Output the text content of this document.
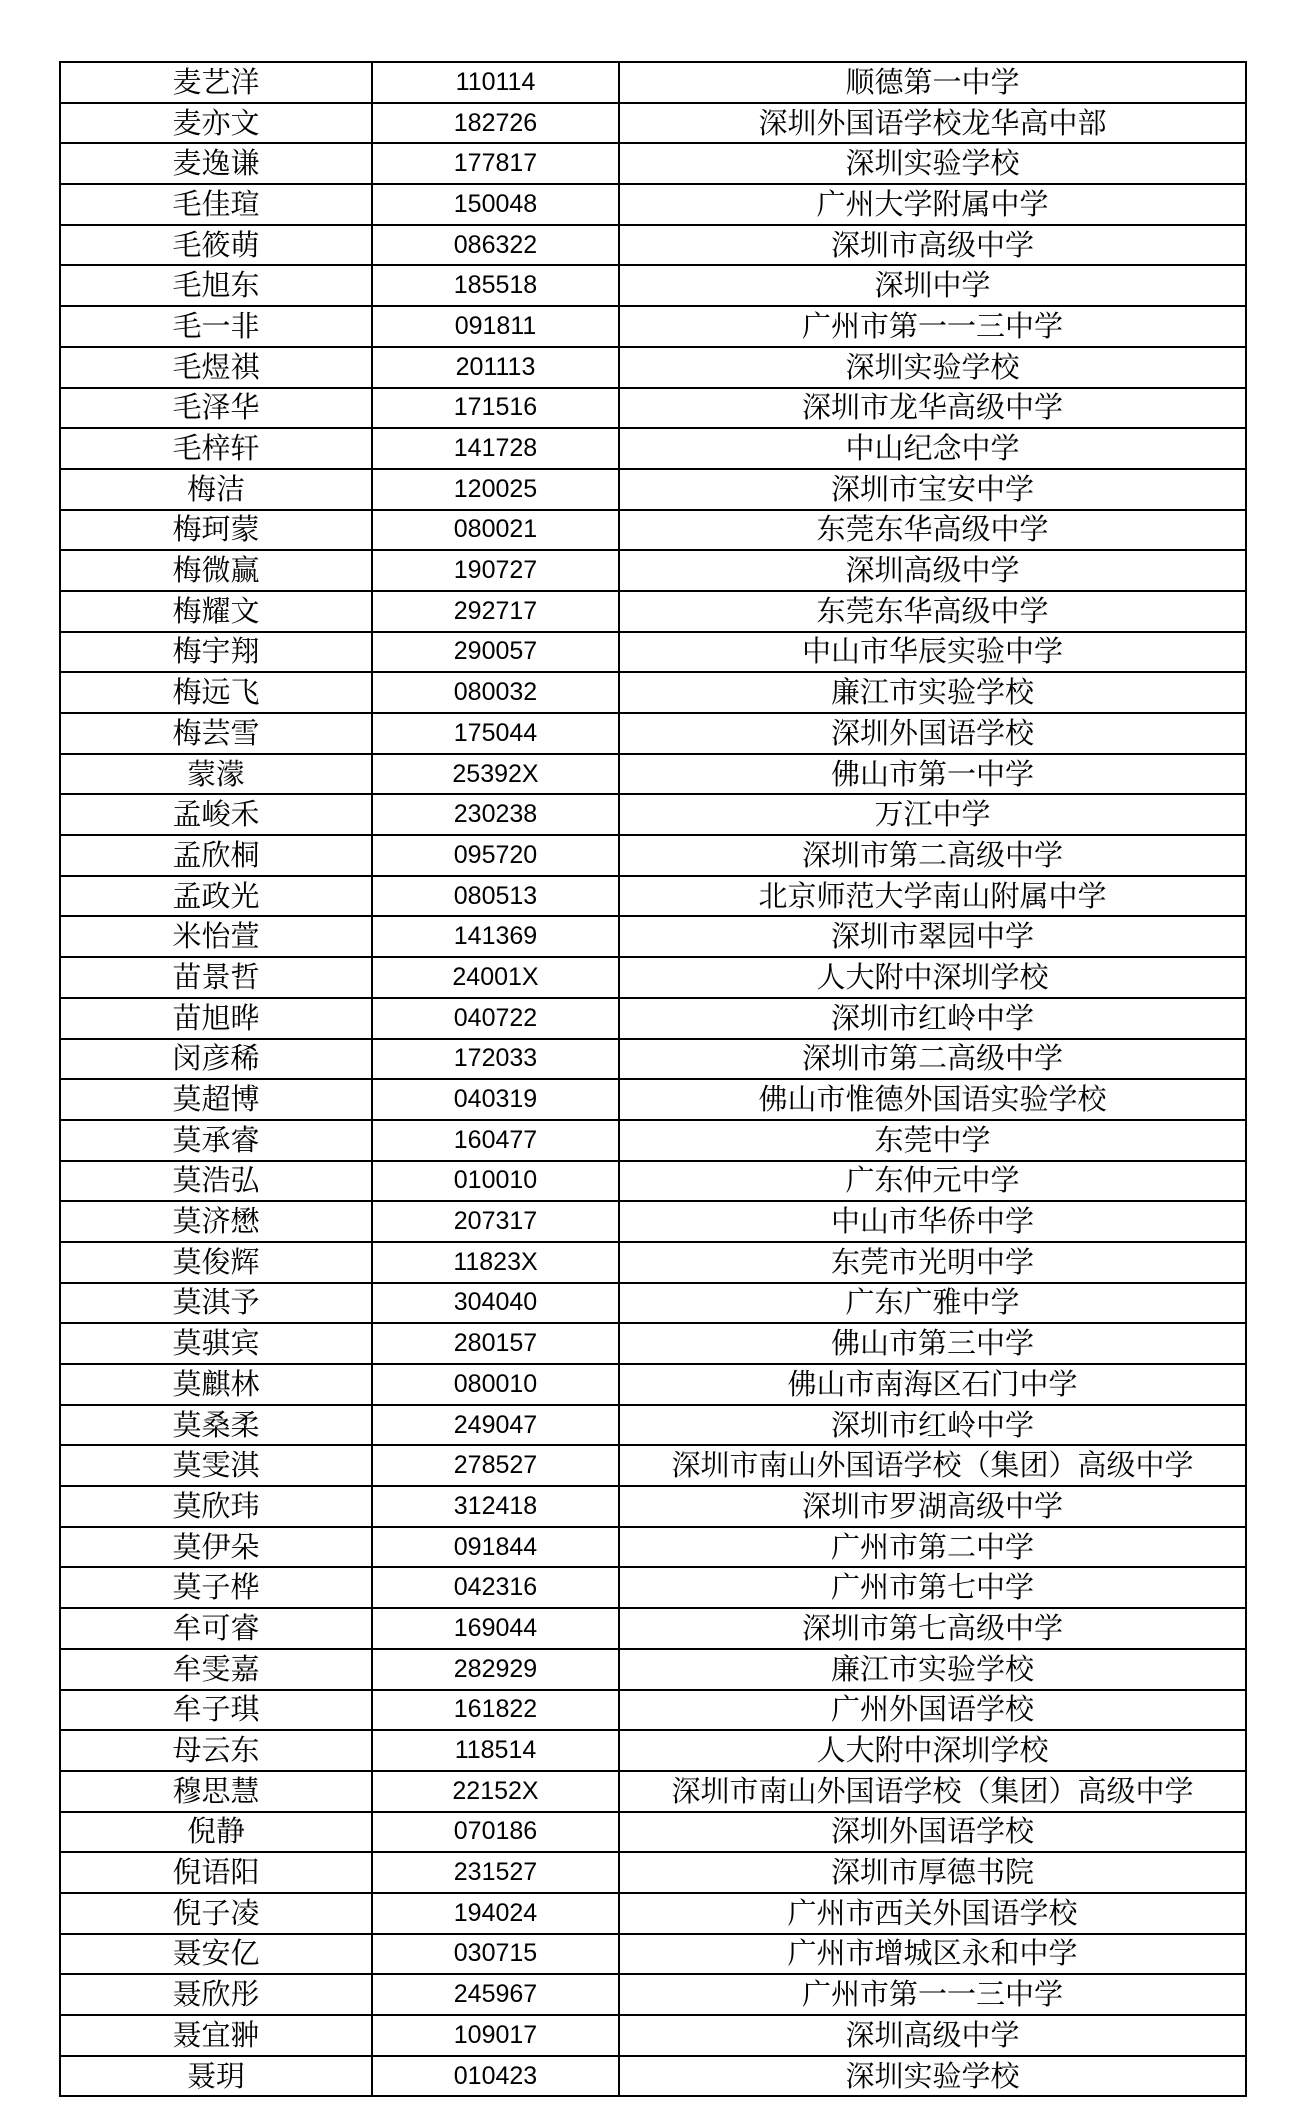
麦艺洋	110114	顺德第一中学
麦亦文	182726	深圳外国语学校龙华高中部
麦逸谦	177817	深圳实验学校
毛佳瑄	150048	广州大学附属中学
毛筱萌	086322	深圳市高级中学
毛旭东	185518	深圳中学
毛一非	091811	广州市第一一三中学
毛煜祺	201113	深圳实验学校
毛泽华	171516	深圳市龙华高级中学
毛梓轩	141728	中山纪念中学
梅洁	120025	深圳市宝安中学
梅珂蒙	080021	东莞东华高级中学
梅微赢	190727	深圳高级中学
梅耀文	292717	东莞东华高级中学
梅宇翔	290057	中山市华辰实验中学
梅远飞	080032	廉江市实验学校
梅芸雪	175044	深圳外国语学校
蒙濛	25392X	佛山市第一中学
孟峻禾	230238	万江中学
孟欣桐	095720	深圳市第二高级中学
孟政光	080513	北京师范大学南山附属中学
米怡萱	141369	深圳市翠园中学
苗景哲	24001X	人大附中深圳学校
苗旭晔	040722	深圳市红岭中学
闵彦稀	172033	深圳市第二高级中学
莫超博	040319	佛山市惟德外国语实验学校
莫承睿	160477	东莞中学
莫浩弘	010010	广东仲元中学
莫济懋	207317	中山市华侨中学
莫俊辉	11823X	东莞市光明中学
莫淇予	304040	广东广雅中学
莫骐宾	280157	佛山市第三中学
莫麒林	080010	佛山市南海区石门中学
莫桑柔	249047	深圳市红岭中学
莫雯淇	278527	深圳市南山外国语学校（集团）高级中学
莫欣玮	312418	深圳市罗湖高级中学
莫伊朵	091844	广州市第二中学
莫子桦	042316	广州市第七中学
牟可睿	169044	深圳市第七高级中学
牟雯嘉	282929	廉江市实验学校
牟子琪	161822	广州外国语学校
母云东	118514	人大附中深圳学校
穆思慧	22152X	深圳市南山外国语学校（集团）高级中学
倪静	070186	深圳外国语学校
倪语阳	231527	深圳市厚德书院
倪子凌	194024	广州市西关外国语学校
聂安亿	030715	广州市增城区永和中学
聂欣彤	245967	广州市第一一三中学
聂宜翀	109017	深圳高级中学
聂玥	010423	深圳实验学校
